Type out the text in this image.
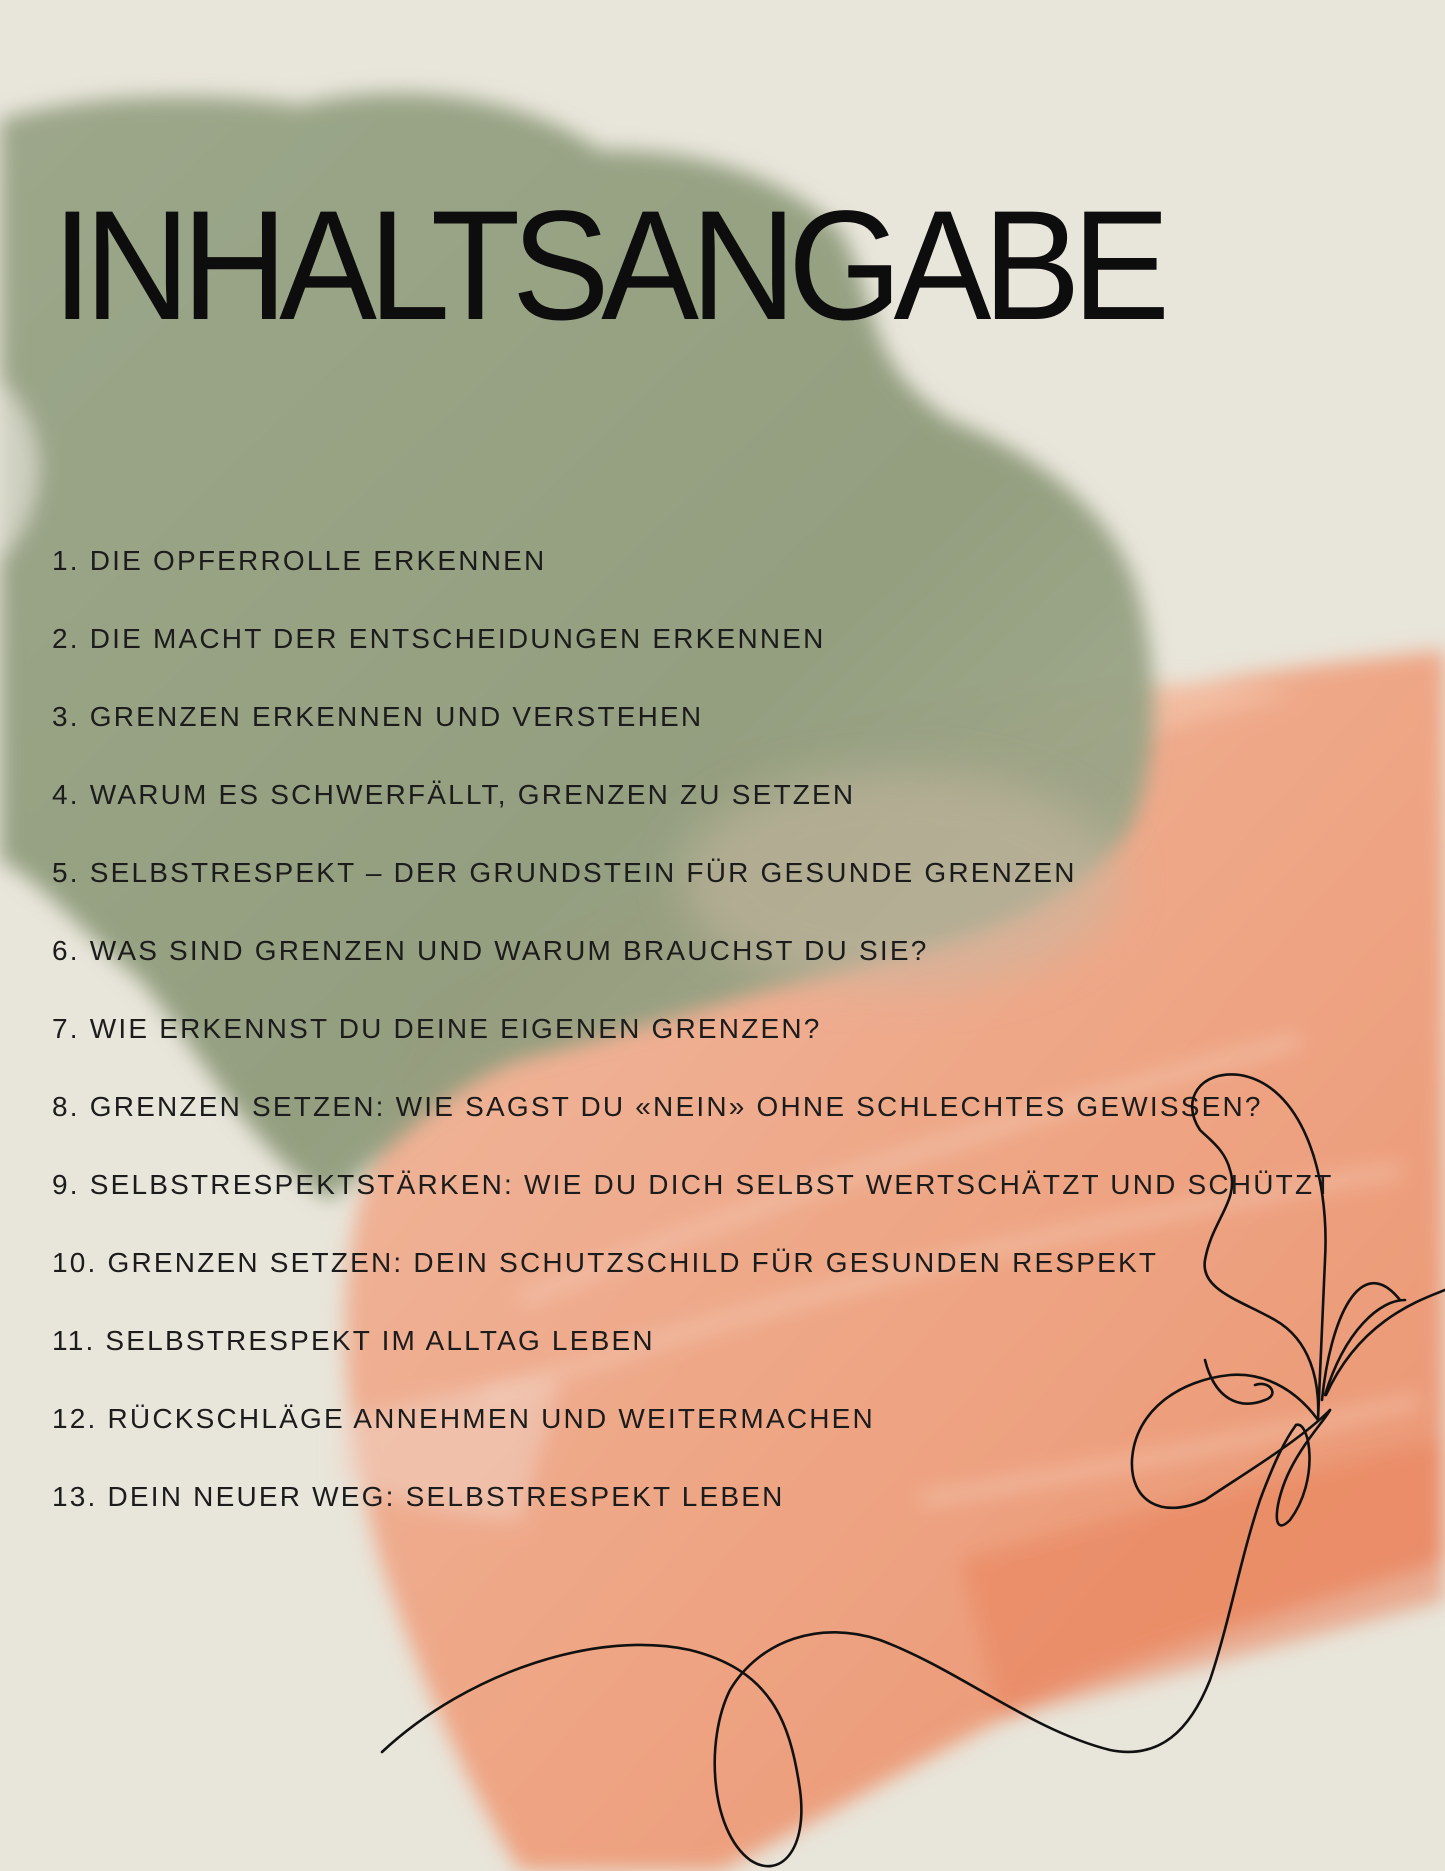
INHALTSANGABE
1. DIE OPFERROLLE ERKENNEN
2. DIE MACHT DER ENTSCHEIDUNGEN ERKENNEN
3. GRENZEN ERKENNEN UND VERSTEHEN
4. WARUM ES SCHWERFÄLLT, GRENZEN ZU SETZEN
5. SELBSTRESPEKT – DER GRUNDSTEIN FÜR GESUNDE GRENZEN
6. WAS SIND GRENZEN UND WARUM BRAUCHST DU SIE?
7. WIE ERKENNST DU DEINE EIGENEN GRENZEN?
8. GRENZEN SETZEN: WIE SAGST DU «NEIN» OHNE SCHLECHTES GEWISSEN?
9. SELBSTRESPEKTSTÄRKEN: WIE DU DICH SELBST WERTSCHÄTZT UND SCHÜTZT
10. GRENZEN SETZEN: DEIN SCHUTZSCHILD FÜR GESUNDEN RESPEKT
11. SELBSTRESPEKT IM ALLTAG LEBEN
12. RÜCKSCHLÄGE ANNEHMEN UND WEITERMACHEN
13. DEIN NEUER WEG: SELBSTRESPEKT LEBEN
